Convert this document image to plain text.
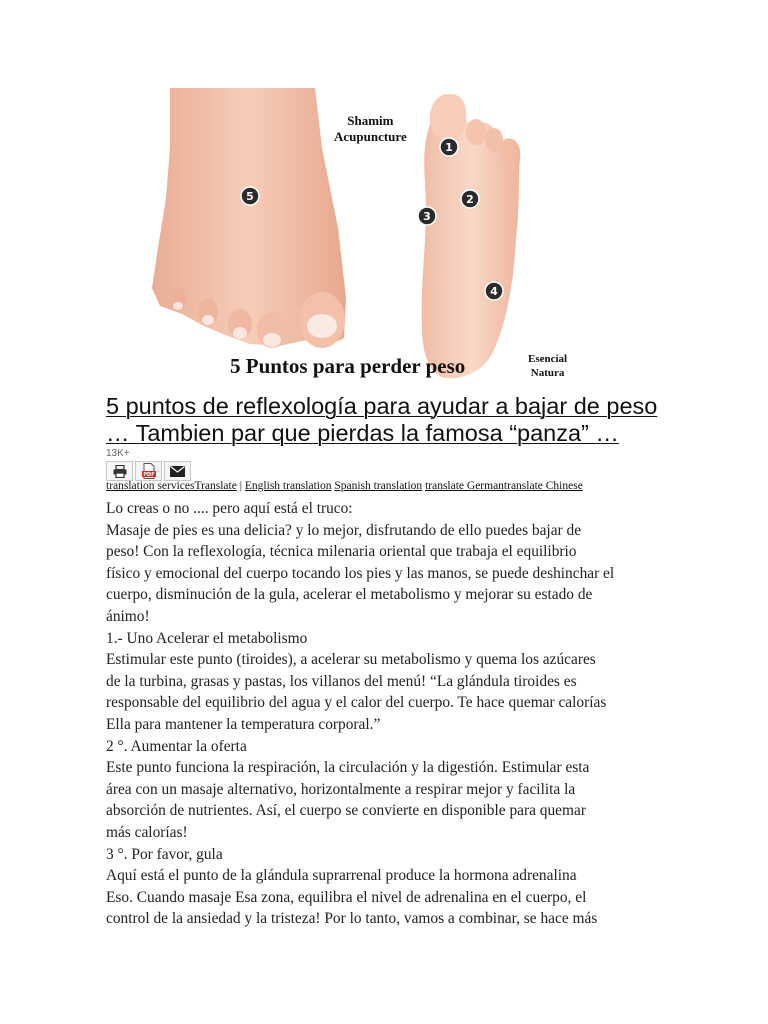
1
2
3
4
5
Shamim
Acupuncture
5 Puntos para perder peso	Esencial
Natura
5 puntos de reflexología para ayudar a bajar de peso
… Tambien par que pierdas la famosa “panza” …
13K+
PDF
translation servicesTranslate | English translation Spanish translation translate Germantranslate Chinese

Lo creas o no .... pero aquí está el truco:

Masaje de pies es una delicia? y lo mejor, disfrutando de ello puedes bajar de

peso! Con la reflexología, técnica milenaria oriental que trabaja el equilibrio

físico y emocional del cuerpo tocando los pies y las manos, se puede deshinchar el

cuerpo, disminución de la gula, acelerar el metabolismo y mejorar su estado de

ánimo!

1.- Uno Acelerar el metabolismo

Estimular este punto (tiroides), a acelerar su metabolismo y quema los azúcares

de la turbina, grasas y pastas, los villanos del menú! “La glándula tiroides es

responsable del equilibrio del agua y el calor del cuerpo. Te hace quemar calorías

Ella para mantener la temperatura corporal.”

2 °. Aumentar la oferta

Este punto funciona la respiración, la circulación y la digestión. Estimular esta

área con un masaje alternativo, horizontalmente a respirar mejor y facilita la

absorción de nutrientes. Así, el cuerpo se convierte en disponible para quemar

más calorías!

3 °. Por favor, gula

Aquí está el punto de la glándula suprarrenal produce la hormona adrenalina

Eso. Cuando masaje Esa zona, equilibra el nivel de adrenalina en el cuerpo, el

control de la ansiedad y la tristeza! Por lo tanto, vamos a combinar, se hace más
